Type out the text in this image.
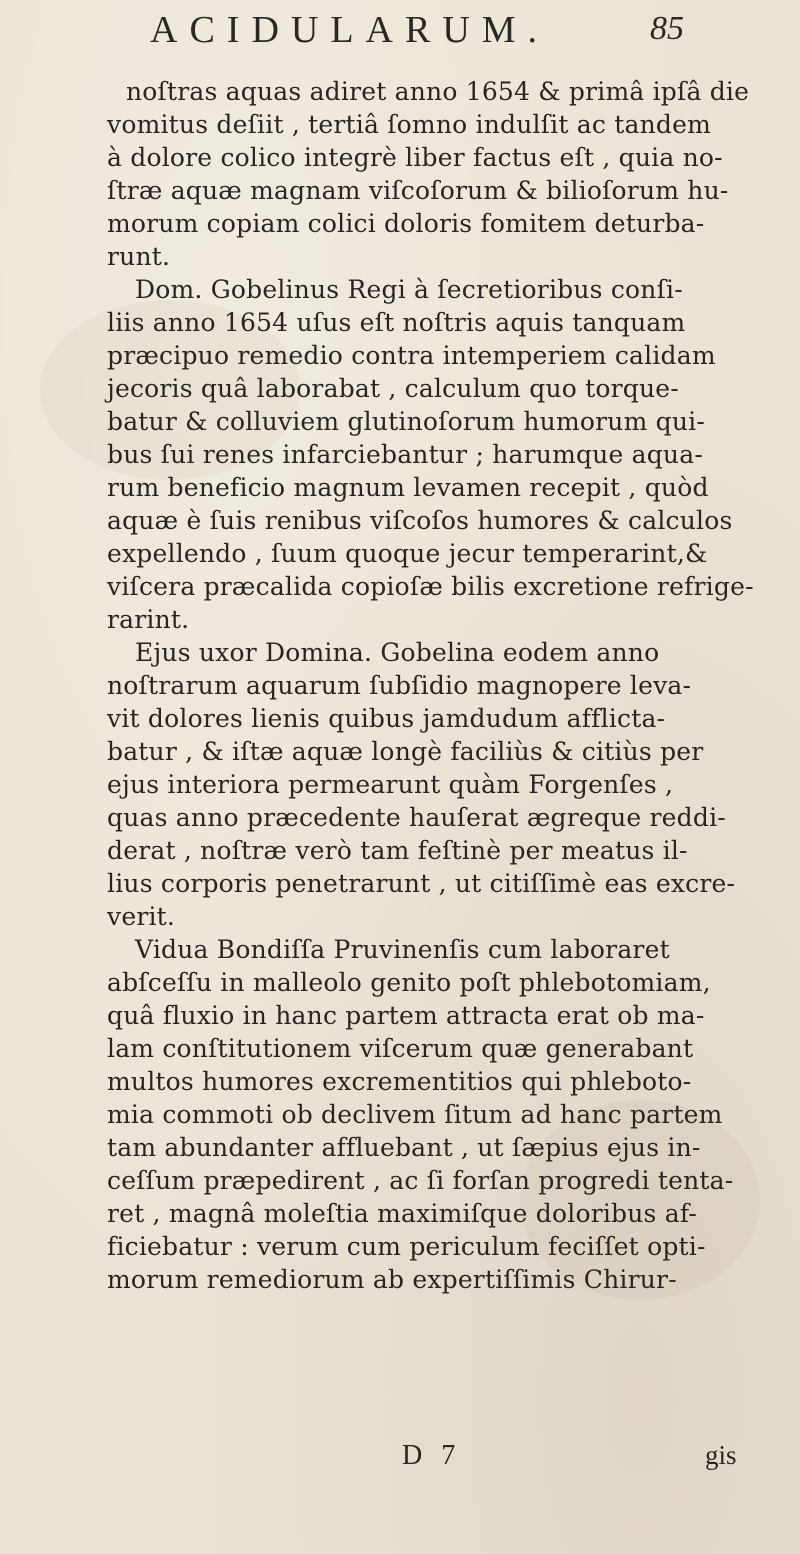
ACIDULARUM.	85
noſtras aquas adiret anno 1654 & primâ ipſâ die
vomitus deſiit , tertiâ ſomno indulſit ac tandem
à dolore colico integrè liber factus eſt , quia no-
ſtræ aquæ magnam viſcoſorum & bilioſorum hu-
morum copiam colici doloris fomitem deturba-
runt.
Dom. Gobelinus Regi à ſecretioribus conſi-
liis anno 1654 uſus eſt noſtris aquis tanquam
præcipuo remedio contra intemperiem calidam
jecoris quâ laborabat , calculum quo torque-
batur & colluviem glutinoſorum humorum qui-
bus ſui renes infarciebantur ; harumque aqua-
rum beneficio magnum levamen recepit , quòd
aquæ è ſuis renibus viſcoſos humores & calculos
expellendo , ſuum quoque jecur temperarint,&
viſcera præcalida copioſæ bilis excretione refrige-
rarint.
Ejus uxor Domina. Gobelina eodem anno
noſtrarum aquarum ſubſidio magnopere leva-
vit dolores lienis quibus jamdudum afflicta-
batur , & iſtæ aquæ longè faciliùs & citiùs per
ejus interiora permearunt quàm Forgenſes ,
quas anno præcedente hauſerat ægreque reddi-
derat , noſtræ verò tam feſtinè per meatus il-
lius corporis penetrarunt , ut citiſſimè eas excre-
verit.
Vidua Bondiſſa Pruvinenſis cum laboraret
abſceſſu in malleolo genito poſt phlebotomiam,
quâ fluxio in hanc partem attracta erat ob ma-
lam conſtitutionem viſcerum quæ generabant
multos humores excrementitios qui phleboto-
mia commoti ob declivem ſitum ad hanc partem
tam abundanter affluebant , ut ſæpius ejus in-
ceſſum præpedirent , ac ſi forſan progredi tenta-
ret , magnâ moleſtia maximiſque doloribus af-
ficiebatur : verum cum periculum feciſſet opti-
morum remediorum ab expertiſſimis Chirur-
D 7	gis
